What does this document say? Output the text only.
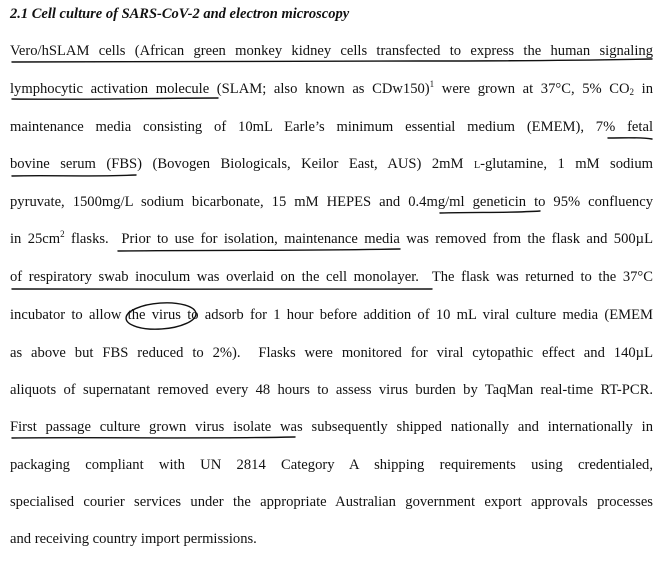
2.1 Cell culture of SARS-CoV-2 and electron microscopy
Vero/hSLAM cells (African green monkey kidney cells transfected to express the human signaling
lymphocytic activation molecule (SLAM; also known as CDw150)$^1$ were grown at 37°C, 5% $CO_2$ in
maintenance media consisting of 10mL Earle’s minimum essential medium (EMEM), 7% fetal
bovine serum (FBS) (Bovogen Biologicals, Keilor East, AUS) 2mM l-glutamine, 1 mM sodium
pyruvate, 1500mg/L sodium bicarbonate, 15 mM HEPES and 0.4mg/ml geneticin to 95% confluency
in $25cm^2$ flasks.  Prior to use for isolation, maintenance media was removed from the flask and 500µL
of respiratory swab inoculum was overlaid on the cell monolayer.  The flask was returned to the 37°C
incubator to allow the virus to adsorb for 1 hour before addition of 10 mL viral culture media (EMEM
as above but FBS reduced to 2%).  Flasks were monitored for viral cytopathic effect and 140µL
aliquots of supernatant removed every 48 hours to assess virus burden by TaqMan real-time RT-PCR.
First passage culture grown virus isolate was subsequently shipped nationally and internationally in
packaging compliant with UN 2814 Category A shipping requirements using credentialed,
specialised courier services under the appropriate Australian government export approvals processes
and receiving country import permissions.
